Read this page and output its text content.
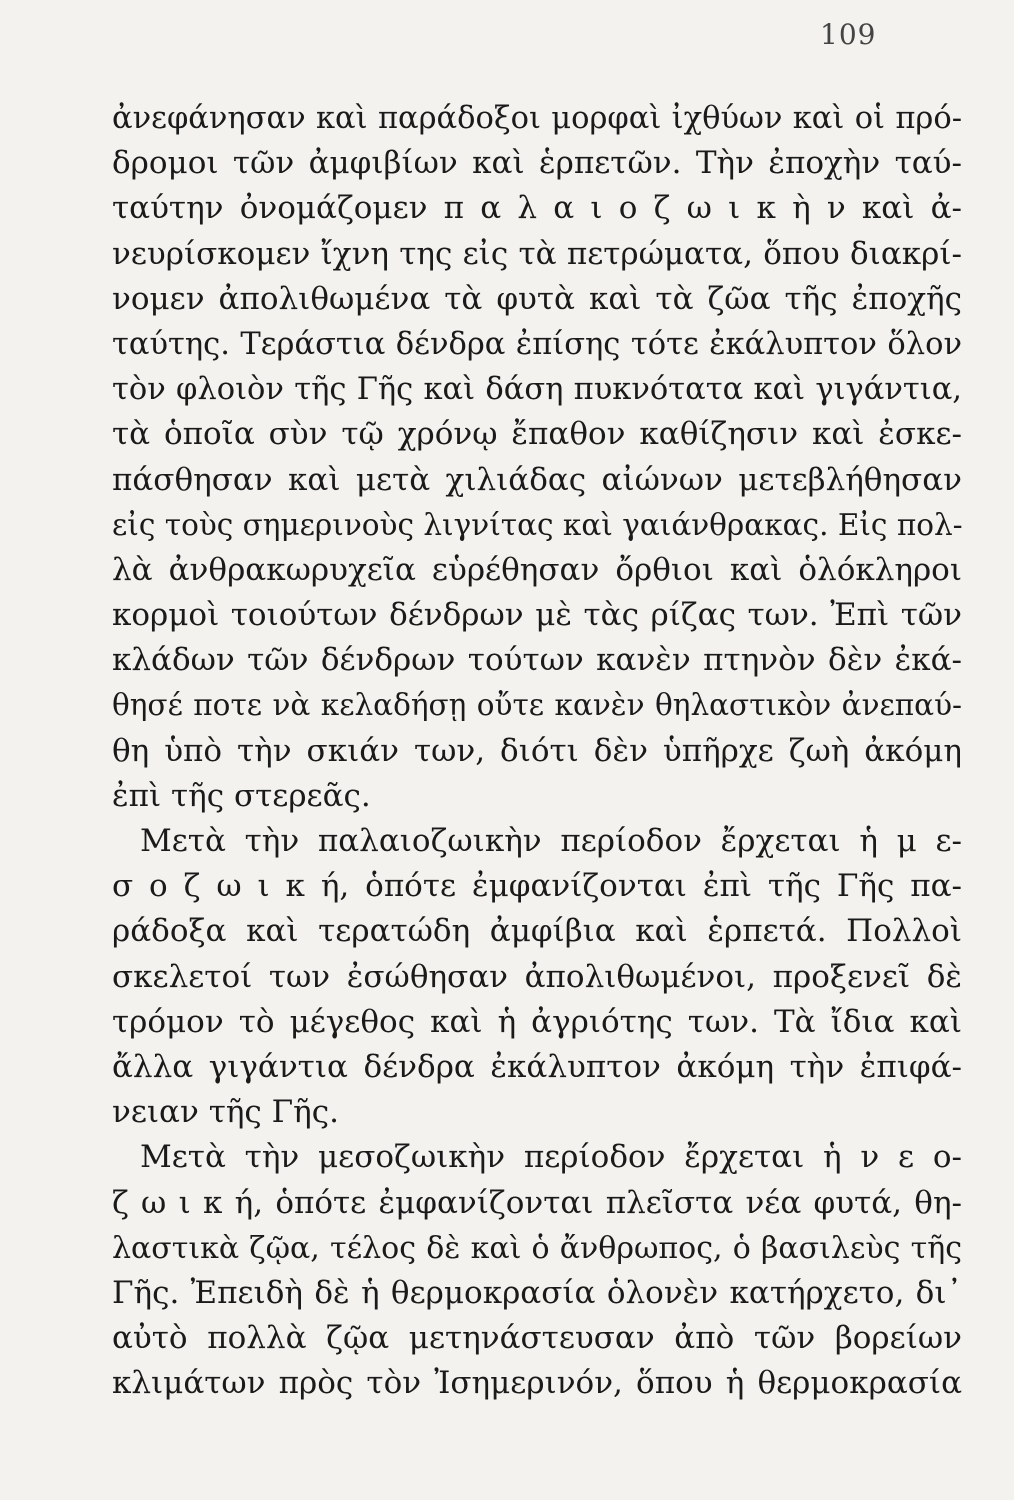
109
ἀνεφάνησαν καὶ παράδοξοι μορφαὶ ἰχθύων καὶ οἱ πρό-
δρομοι τῶν ἀμφιβίων καὶ ἑρπετῶν. Τὴν ἐποχὴν ταύ-
ταύτην ὀνομάζομεν π α λ α ι ο ζ ω ι κ ὴ ν καὶ ἀ-
νευρίσκομεν ἴχνη της εἰς τὰ πετρώματα, ὅπου διακρί-
νομεν ἀπολιθωμένα τὰ φυτὰ καὶ τὰ ζῶα τῆς ἐποχῆς
ταύτης. Τεράστια δένδρα ἐπίσης τότε ἐκάλυπτον ὅλον
τὸν φλοιὸν τῆς Γῆς καὶ δάση πυκνότατα καὶ γιγάντια,
τὰ ὁποῖα σὺν τῷ χρόνῳ ἔπαθον καθίζησιν καὶ ἐσκε-
πάσθησαν καὶ μετὰ χιλιάδας αἰώνων μετεβλήθησαν
εἰς τοὺς σημερινοὺς λιγνίτας καὶ γαιάνθρακας. Εἰς πολ-
λὰ ἀνθρακωρυχεῖα εὑρέθησαν ὄρθιοι καὶ ὁλόκληροι
κορμοὶ τοιούτων δένδρων μὲ τὰς ρίζας των. Ἐπὶ τῶν
κλάδων τῶν δένδρων τούτων κανὲν πτηνὸν δὲν ἐκά-
θησέ ποτε νὰ κελαδήσῃ οὔτε κανὲν θηλαστικὸν ἀνεπαύ-
θη ὑπὸ τὴν σκιάν των, διότι δὲν ὑπῆρχε ζωὴ ἀκόμη
ἐπὶ τῆς στερεᾶς.
Μετὰ τὴν παλαιοζωικὴν περίοδον ἔρχεται ἡ μ ε-
σ ο ζ ω ι κ ή, ὁπότε ἐμφανίζονται ἐπὶ τῆς Γῆς πα-
ράδοξα καὶ τερατώδη ἀμφίβια καὶ ἑρπετά. Πολλοὶ
σκελετοί των ἐσώθησαν ἀπολιθωμένοι, προξενεῖ δὲ
τρόμον τὸ μέγεθος καὶ ἡ ἀγριότης των. Τὰ ἴδια καὶ
ἄλλα γιγάντια δένδρα ἐκάλυπτον ἀκόμη τὴν ἐπιφά-
νειαν τῆς Γῆς.
Μετὰ τὴν μεσοζωικὴν περίοδον ἔρχεται ἡ ν ε ο-
ζ ω ι κ ή, ὁπότε ἐμφανίζονται πλεῖστα νέα φυτά, θη-
λαστικὰ ζῷα, τέλος δὲ καὶ ὁ ἄνθρωπος, ὁ βασιλεὺς τῆς
Γῆς. Ἐπειδὴ δὲ ἡ θερμοκρασία ὁλονὲν κατήρχετο, δι᾽
αὐτὸ πολλὰ ζῷα μετηνάστευσαν ἀπὸ τῶν βορείων
κλιμάτων πρὸς τὸν Ἰσημερινόν, ὅπου ἡ θερμοκρασία
